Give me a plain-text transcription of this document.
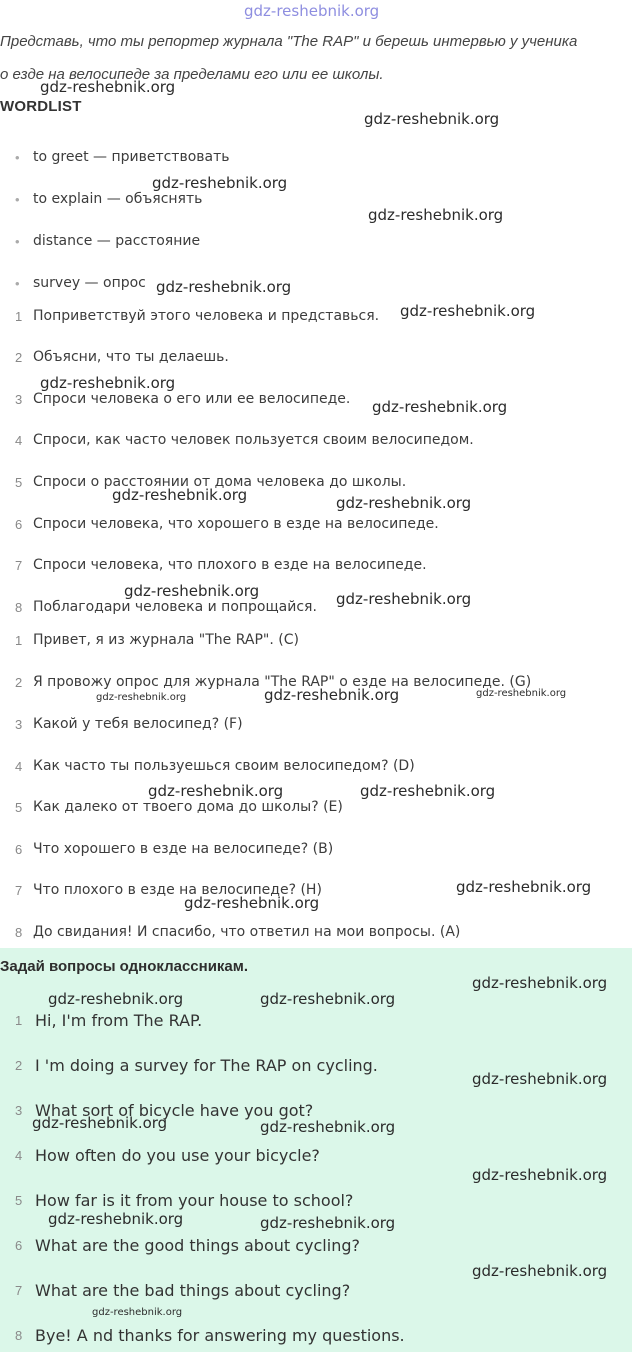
gdz-reshebnik.org
Представь, что ты репортер журнала "The RAP" и берешь интервью у ученика
о езде на велосипеде за пределами его или ее школы.
WORDLIST
• to greet — приветствовать
• to explain — объяснять
• distance — расстояние
• survey — опрос
1 Поприветствуй этого человека и представься.
2 Объясни, что ты делаешь.
3 Спроси человека о его или ее велосипеде.
4 Спроси, как часто человек пользуется своим велосипедом.
5 Спроси о расстоянии от дома человека до школы.
6 Спроси человека, что хорошего в езде на велосипеде.
7 Спроси человека, что плохого в езде на велосипеде.
8 Поблагодари человека и попрощайся.
1 Привет, я из журнала "The RAP". (C)
2 Я провожу опрос для журнала "The RAP" о езде на велосипеде. (G)
3 Какой у тебя велосипед? (F)
4 Как часто ты пользуешься своим велосипедом? (D)
5 Как далеко от твоего дома до школы? (E)
6 Что хорошего в езде на велосипеде? (B)
7 Что плохого в езде на велосипеде? (H)
8 До свидания! И спасибо, что ответил на мои вопросы. (A)
Задай вопросы одноклассникам.
1 Hi, I'm from The RAP.
2 I 'm doing a survey for The RAP on cycling.
3 What sort of bicycle have you got?
4 How often do you use your bicycle?
5 How far is it from your house to school?
6 What are the good things about cycling?
7 What are the bad things about cycling?
8 Bye! A nd thanks for answering my questions.
gdz-reshebnik.org
gdz-reshebnik.org
gdz-reshebnik.org
gdz-reshebnik.org
gdz-reshebnik.org
gdz-reshebnik.org
gdz-reshebnik.org
gdz-reshebnik.org
gdz-reshebnik.org	gdz-reshebnik.org
gdz-reshebnik.org	gdz-reshebnik.org
gdz-reshebnik.org	gdz-reshebnik.org	gdz-reshebnik.org
gdz-reshebnik.org	gdz-reshebnik.org
gdz-reshebnik.org
gdz-reshebnik.org
gdz-reshebnik.org
gdz-reshebnik.org	gdz-reshebnik.org
gdz-reshebnik.org
gdz-reshebnik.org	gdz-reshebnik.org
gdz-reshebnik.org
gdz-reshebnik.org	gdz-reshebnik.org
gdz-reshebnik.org
gdz-reshebnik.org
